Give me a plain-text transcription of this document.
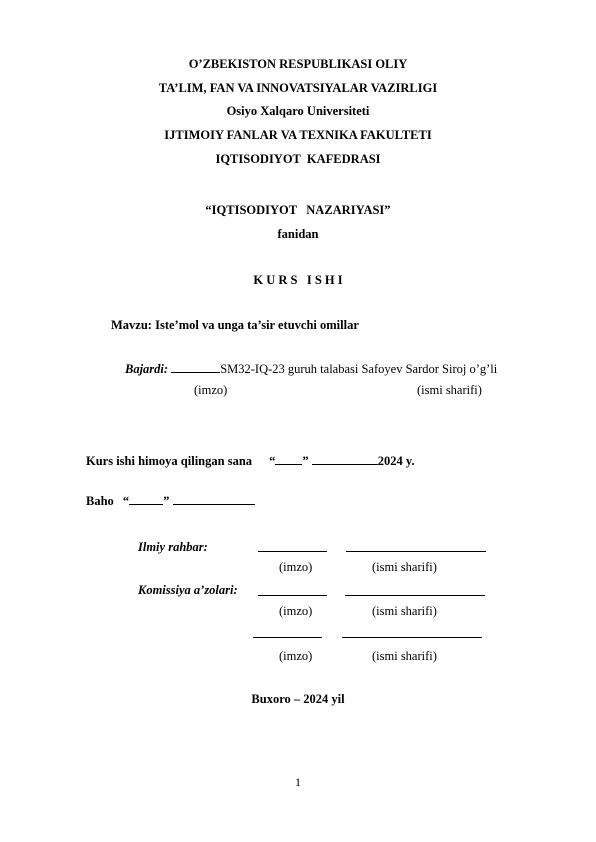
O’ZBEKISTON RESPUBLIKASI OLIY
TA’LIM, FAN VA INNOVATSIYALAR VAZIRLIGI
Osiyo Xalqaro Universiteti
IJTIMOIY FANLAR VA TEXNIKA FAKULTETI
IQTISODIYOT  KAFEDRASI
“IQTISODIYOT   NAZARIYASI”
fanidan
K U R S   I S H I
Mavzu: Iste’mol va unga ta’sir etuvchi omillar
Bajardi:	SM32-IQ-23 guruh talabasi Safoyev Sardor Siroj o’g’li
(imzo)	(ismi sharifi)
Kurs ishi himoya qilingan sana “ ”	2024 y.
Baho “	”
Ilmiy rahbar:
(imzo)	(ismi sharifi)
Komissiya a’zolari:
(imzo)	(ismi sharifi)
(imzo)	(ismi sharifi)
Buxoro – 2024 yil
1
